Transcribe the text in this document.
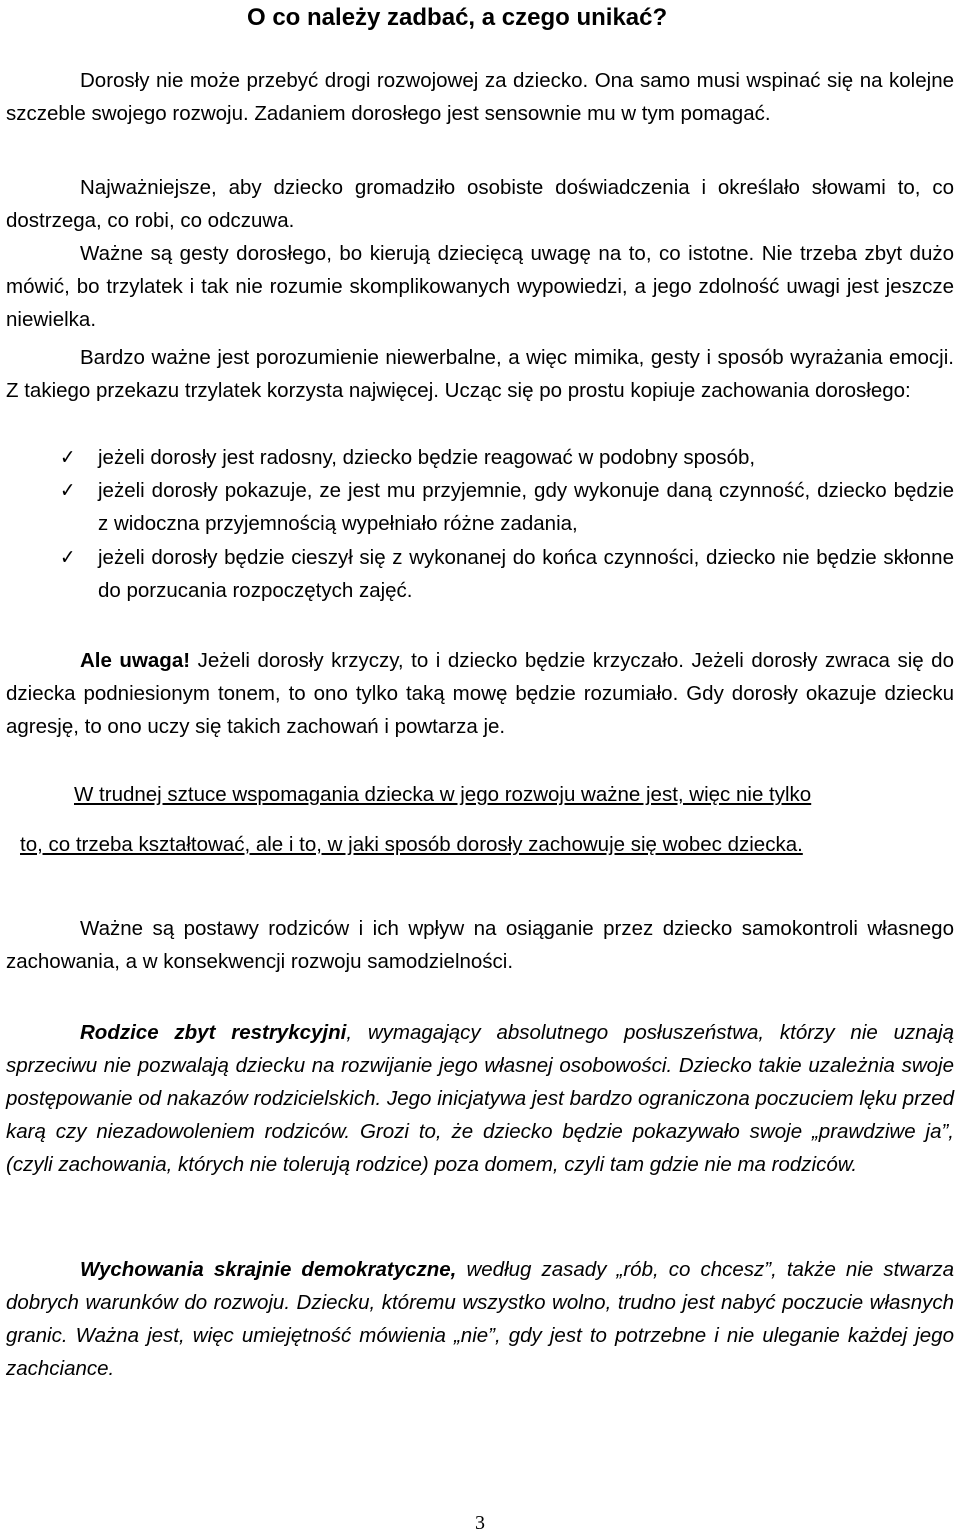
O co należy zadbać, a czego unikać?
Dorosły nie może przebyć drogi rozwojowej za dziecko. Ona samo musi wspinać się na kolejne szczeble swojego rozwoju. Zadaniem dorosłego jest sensownie mu w tym pomagać.
Najważniejsze, aby dziecko gromadziło osobiste doświadczenia i określało słowami to, co dostrzega, co robi, co odczuwa.
Ważne są gesty dorosłego, bo kierują dziecięcą uwagę na to, co istotne. Nie trzeba zbyt dużo mówić, bo trzylatek i tak nie rozumie skomplikowanych wypowiedzi, a jego zdolność uwagi jest jeszcze niewielka.
Bardzo ważne jest porozumienie niewerbalne, a więc mimika, gesty i sposób wyrażania emocji. Z takiego przekazu trzylatek korzysta najwięcej. Ucząc się po prostu kopiuje zachowania dorosłego:
✓	jeżeli dorosły jest radosny, dziecko będzie reagować w podobny sposób,
✓	jeżeli dorosły pokazuje, ze jest mu przyjemnie, gdy wykonuje daną czynność, dziecko będzie z widoczna przyjemnością wypełniało różne zadania,
✓	jeżeli dorosły będzie cieszył się z wykonanej do końca czynności, dziecko nie będzie skłonne do porzucania rozpoczętych zajęć.
Ale uwaga! Jeżeli dorosły krzyczy, to i dziecko będzie krzyczało. Jeżeli dorosły zwraca się do dziecka podniesionym tonem, to ono tylko taką mowę będzie rozumiało. Gdy dorosły okazuje dziecku agresję, to ono uczy się takich zachowań i powtarza je.
W trudnej sztuce wspomagania dziecka w jego rozwoju ważne jest, więc nie tylko
to, co trzeba kształtować, ale i to, w jaki sposób dorosły zachowuje się wobec dziecka.
Ważne są postawy rodziców i ich wpływ na osiąganie przez dziecko samokontroli własnego zachowania, a w konsekwencji rozwoju samodzielności.
Rodzice zbyt restrykcyjni, wymagający absolutnego posłuszeństwa, którzy nie uznają sprzeciwu nie pozwalają dziecku na rozwijanie jego własnej osobowości. Dziecko takie uzależnia swoje postępowanie od nakazów rodzicielskich. Jego inicjatywa jest bardzo ograniczona poczuciem lęku przed karą czy niezadowoleniem rodziców. Grozi to, że dziecko będzie pokazywało swoje „prawdziwe ja”, (czyli zachowania, których nie tolerują rodzice) poza domem, czyli tam gdzie nie ma rodziców.
Wychowania skrajnie demokratyczne, według zasady „rób, co chcesz”, także nie stwarza dobrych warunków do rozwoju. Dziecku, któremu wszystko wolno, trudno jest nabyć poczucie własnych granic. Ważna jest, więc umiejętność mówienia „nie”, gdy jest to potrzebne i nie uleganie każdej jego zachciance.
3
